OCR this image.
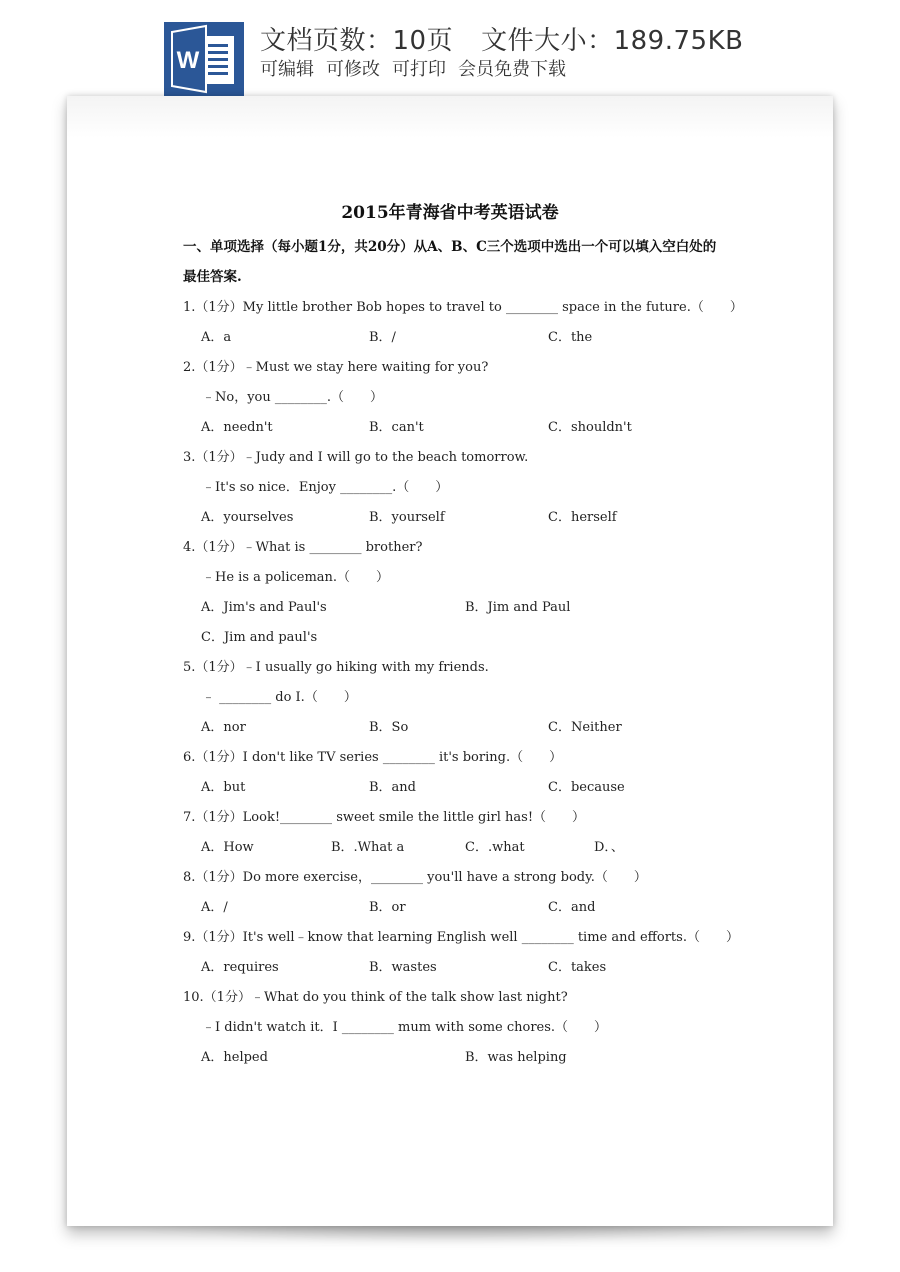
W
文档页数：10页 文件大小：189.75KB
可编辑 可修改 可打印 会员免费下载
2015年青海省中考英语试卷
一、单项选择（每小题1分，共20分）从A、B、C三个选项中选出一个可以填入空白处的最佳答案.
1.（1分）My little brother Bob hopes to travel to ________ space in the future.（　　）
A．a	B．/	C．the
2.（1分）﹣Must we stay here waiting for you?
﹣No，you ________.（　　）
A．needn't	B．can't	C．shouldn't
3.（1分）﹣Judy and I will go to the beach tomorrow.
﹣It's so nice．Enjoy ________.（　　）
A．yourselves	B．yourself	C．herself
4.（1分）﹣What is ________ brother?
﹣He is a policeman.（　　）
A．Jim's and Paul's	B．Jim and Paul
C．Jim and paul's
5.（1分）﹣I usually go hiking with my friends.
﹣ ________ do I.（　　）
A．nor	B．So	C．Neither
6.（1分）I don't like TV series ________ it's boring.（　　）
A．but	B．and	C．because
7.（1分）Look!________ sweet smile the little girl has!（　　）
A．How	B．.What a	C．.what	D．、
8.（1分）Do more exercise，________ you'll have a strong body.（　　）
A．/	B．or	C．and
9.（1分）It's well﹣know that learning English well ________ time and efforts.（　　）
A．requires	B．wastes	C．takes
10.（1分）﹣What do you think of the talk show last night?
﹣I didn't watch it．I ________ mum with some chores.（　　）
A．helped	B．was helping
